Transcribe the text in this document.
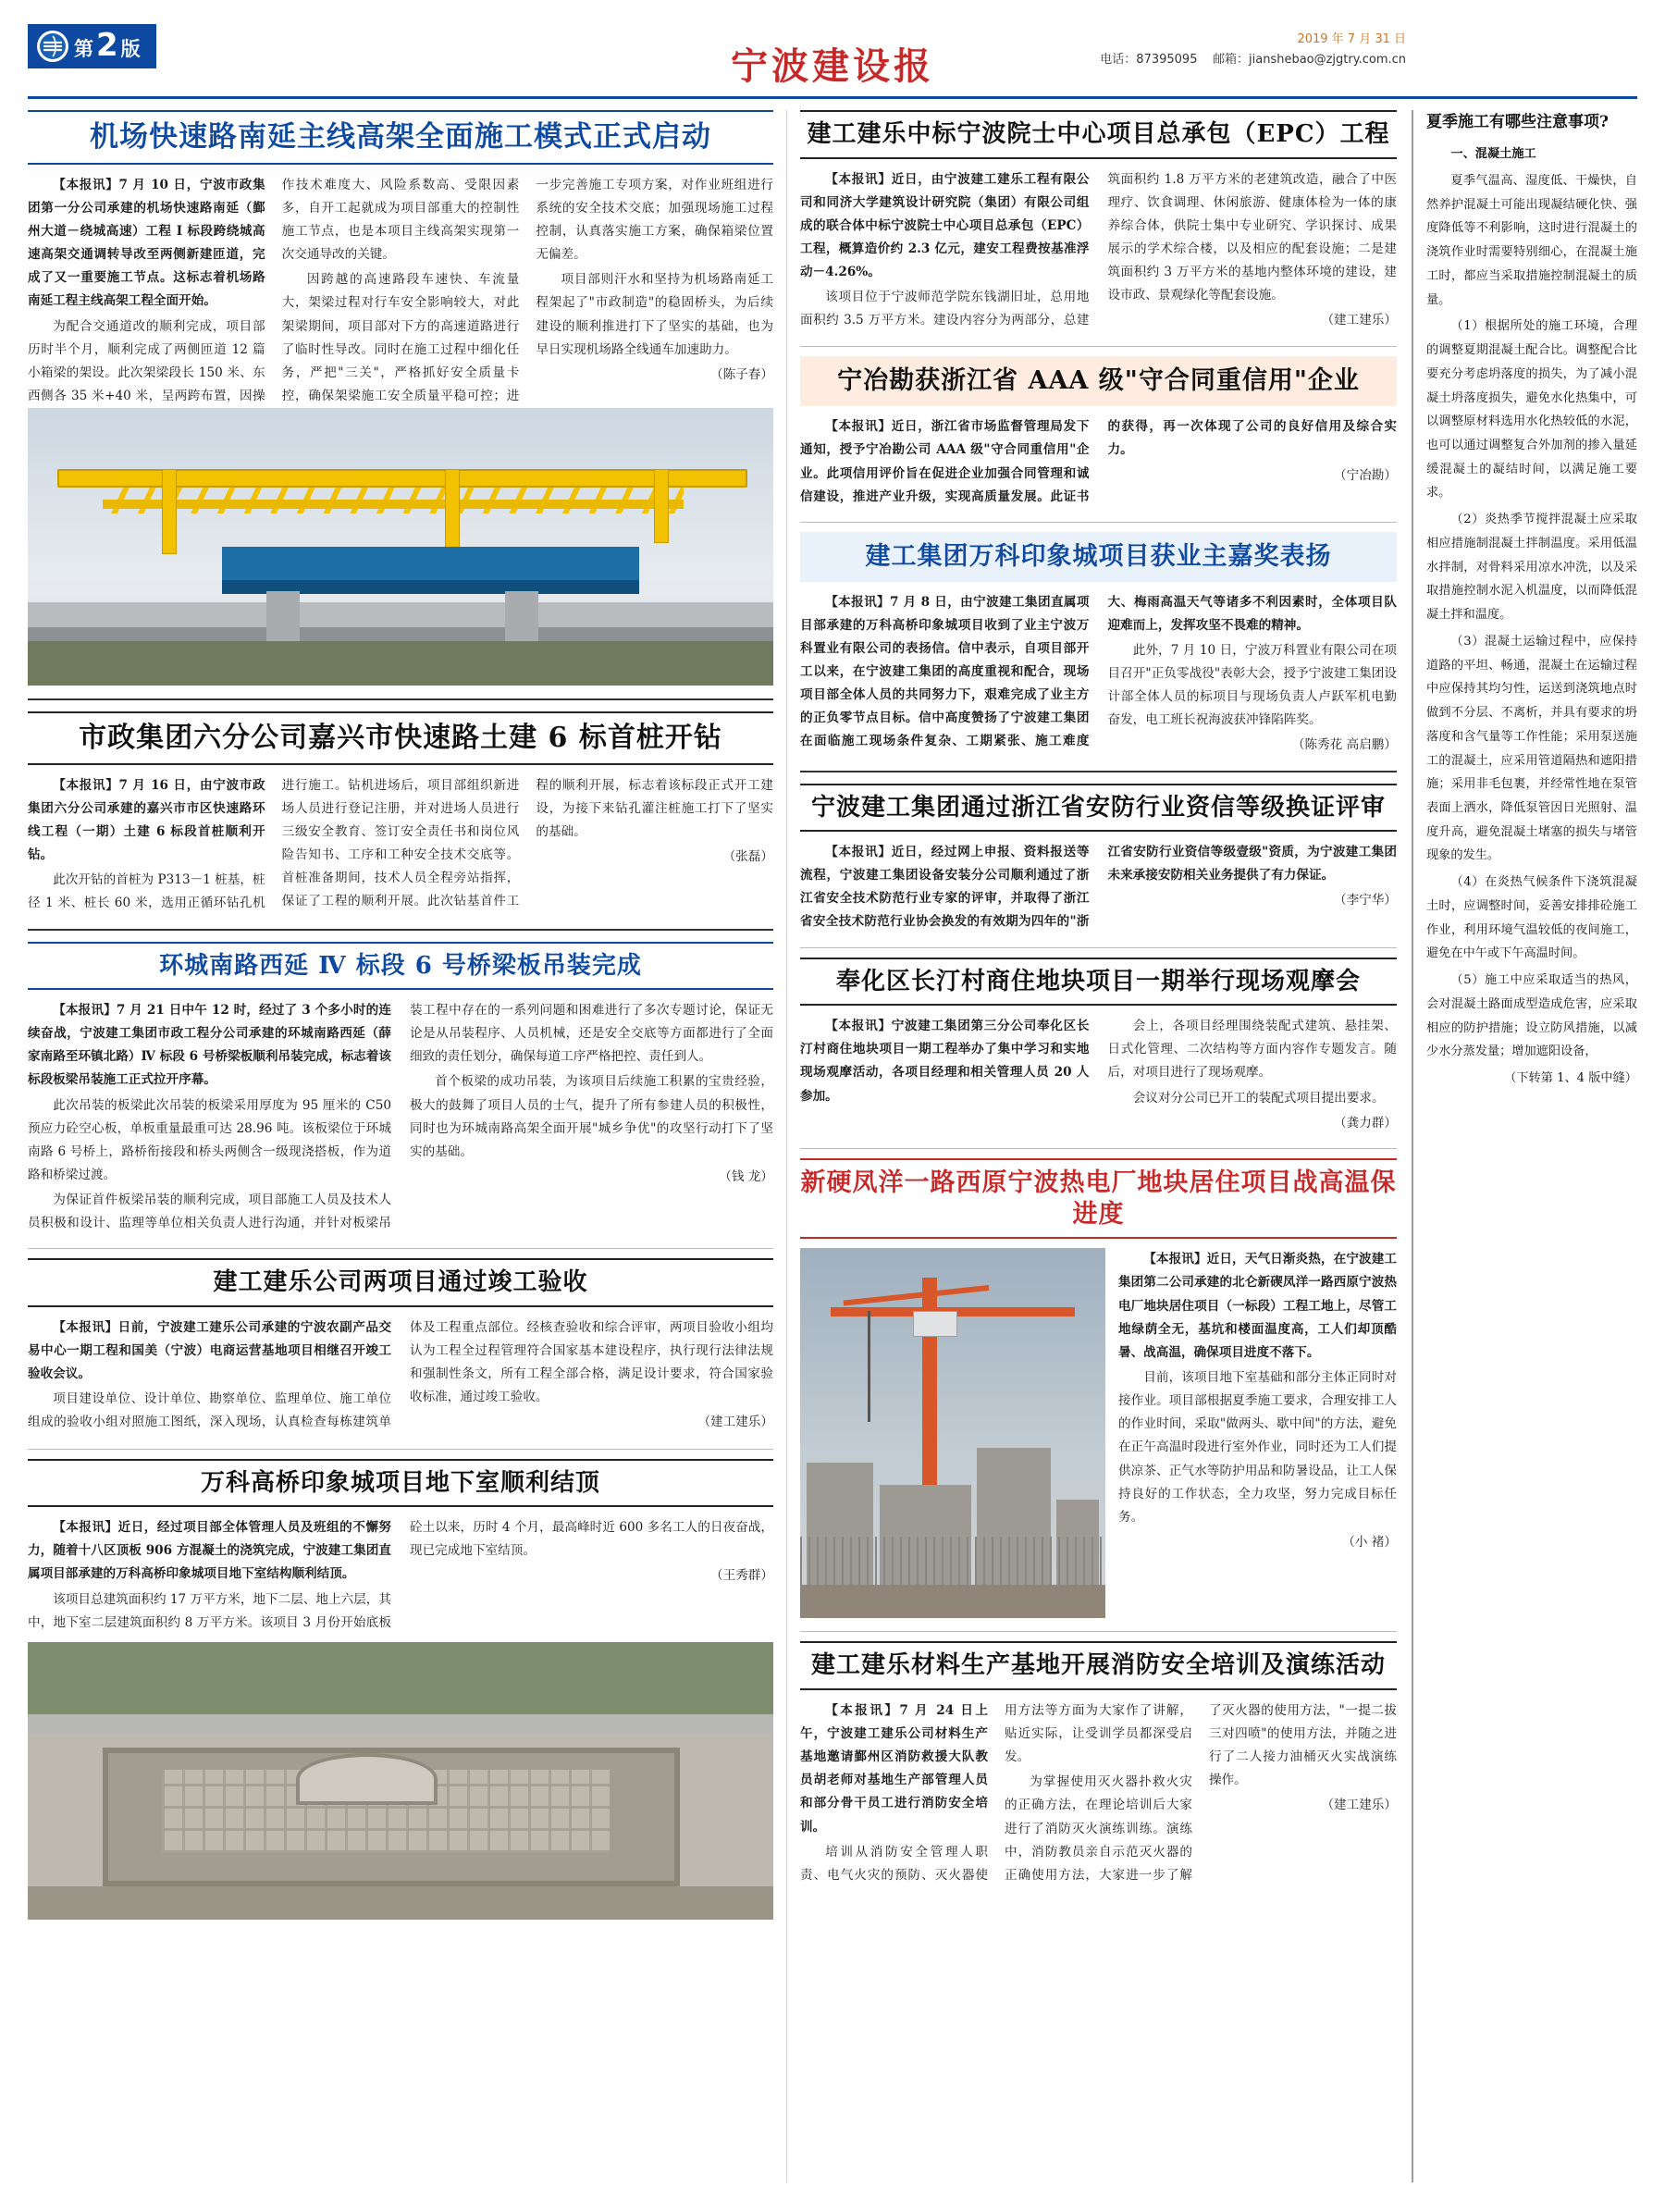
第 2 版	宁波建设报
2019 年 7 月 31 日
电话：87395095 邮箱：jianshebao@zjgtry.com.cn
机场快速路南延主线高架全面施工模式正式启动

【本报讯】7 月 10 日，宁波市政集团第一分公司承建的机场快速路南延（鄞州大道－绕城高速）工程 I 标段跨绕城高速高架交通调转导改至两侧新建匝道，完成了又一重要施工节点。这标志着机场路南延工程主线高架工程全面开始。

为配合交通道改的顺利完成，项目部历时半个月，顺利完成了两侧匝道 12 篇小箱梁的架设。此次架梁段长 150 米、东西侧各 35 米+40 米，呈两跨布置，因操作技术难度大、风险系数高、受限因素多，自开工起就成为项目部重大的控制性施工节点，也是本项目主线高架实现第一次交通导改的关键。

因跨越的高速路段车速快、车流量大，架梁过程对行车安全影响较大，对此架梁期间，项目部对下方的高速道路进行了临时性导改。同时在施工过程中细化任务，严把"三关"，严格抓好安全质量卡控，确保架梁施工安全质量平稳可控；进一步完善施工专项方案，对作业班组进行系统的安全技术交底；加强现场施工过程控制，认真落实施工方案，确保箱梁位置无偏差。

项目部则汗水和坚持为机场路南延工程架起了"市政制造"的稳固桥头，为后续建设的顺利推进打下了坚实的基础，也为早日实现机场路全线通车加速助力。

（陈子春）

市政集团六分公司嘉兴市快速路土建 6 标首桩开钻

【本报讯】7 月 16 日，由宁波市政集团六分公司承建的嘉兴市市区快速路环线工程（一期）土建 6 标段首桩顺利开钻。

此次开钻的首桩为 P313－1 桩基，桩径 1 米、桩长 60 米，选用正循环钻孔机进行施工。钻机进场后，项目部组织新进场人员进行登记注册，并对进场人员进行三级安全教育、签订安全责任书和岗位风险告知书、工序和工种安全技术交底等。首桩准备期间，技术人员全程旁站指挥，保证了工程的顺利开展。此次钻基首件工程的顺利开展，标志着该标段正式开工建设，为接下来钻孔灌注桩施工打下了坚实的基础。

（张磊）

环城南路西延 Ⅳ 标段 6 号桥梁板吊装完成

【本报讯】7 月 21 日中午 12 时，经过了 3 个多小时的连续奋战，宁波建工集团市政工程分公司承建的环城南路西延（薛家南路至环镇北路）Ⅳ 标段 6 号桥梁板顺利吊装完成，标志着该标段板梁吊装施工正式拉开序幕。

此次吊装的板梁此次吊装的板梁采用厚度为 95 厘米的 C50 预应力砼空心板，单板重量最重可达 28.96 吨。该板梁位于环城南路 6 号桥上，路桥衔接段和桥头两侧含一级现浇搭板，作为道路和桥梁过渡。

为保证首件板梁吊装的顺利完成，项目部施工人员及技术人员积极和设计、监理等单位相关负责人进行沟通，并针对板梁吊装工程中存在的一系列问题和困难进行了多次专题讨论，保证无论是从吊装程序、人员机械，还是安全交底等方面都进行了全面细致的责任划分，确保每道工序严格把控、责任到人。

首个板梁的成功吊装，为该项目后续施工积累的宝贵经验，极大的鼓舞了项目人员的士气，提升了所有参建人员的积极性，同时也为环城南路高架全面开展"城乡争优"的攻坚行动打下了坚实的基础。

（钱 龙）

建工建乐公司两项目通过竣工验收

【本报讯】日前，宁波建工建乐公司承建的宁波农副产品交易中心一期工程和国美（宁波）电商运营基地项目相继召开竣工验收会议。

项目建设单位、设计单位、勘察单位、监理单位、施工单位组成的验收小组对照施工图纸，深入现场，认真检查每栋建筑单体及工程重点部位。经核查验收和综合评审，两项目验收小组均认为工程全过程管理符合国家基本建设程序，执行现行法律法规和强制性条文，所有工程全部合格，满足设计要求，符合国家验收标准，通过竣工验收。

（建工建乐）

万科高桥印象城项目地下室顺利结顶

【本报讯】近日，经过项目部全体管理人员及班组的不懈努力，随着十八区顶板 906 方混凝土的浇筑完成，宁波建工集团直属项目部承建的万科高桥印象城项目地下室结构顺利结顶。

该项目总建筑面积约 17 万平方米，地下二层、地上六层，其中，地下室二层建筑面积约 8 万平方米。该项目 3 月份开始底板砼土以来，历时 4 个月，最高峰时近 600 多名工人的日夜奋战，现已完成地下室结顶。

（王秀群）

建工建乐中标宁波院士中心项目总承包（EPC）工程

【本报讯】近日，由宁波建工建乐工程有限公司和同济大学建筑设计研究院（集团）有限公司组成的联合体中标宁波院士中心项目总承包（EPC）工程，概算造价约 2.3 亿元，建安工程费按基准浮动－4.26%。

该项目位于宁波师范学院东钱湖旧址，总用地面积约 3.5 万平方米。建设内容分为两部分，总建筑面积约 1.8 万平方米的老建筑改造，融合了中医理疗、饮食调理、休闲旅游、健康体检为一体的康养综合体，供院士集中专业研究、学识探讨、成果展示的学术综合楼，以及相应的配套设施；二是建筑面积约 3 万平方米的基地内整体环境的建设，建设市政、景观绿化等配套设施。

（建工建乐）

宁冶勘获浙江省 AAA 级"守合同重信用"企业

【本报讯】近日，浙江省市场监督管理局发下通知，授予宁冶勘公司 AAA 级"守合同重信用"企业。此项信用评价旨在促进企业加强合同管理和诚信建设，推进产业升级，实现高质量发展。此证书的获得，再一次体现了公司的良好信用及综合实力。

（宁冶勘）

建工集团万科印象城项目获业主嘉奖表扬

【本报讯】7 月 8 日，由宁波建工集团直属项目部承建的万科高桥印象城项目收到了业主宁波万科置业有限公司的表扬信。信中表示，自项目部开工以来，在宁波建工集团的高度重视和配合，现场项目部全体人员的共同努力下，艰难完成了业主方的正负零节点目标。信中高度赞扬了宁波建工集团在面临施工现场条件复杂、工期紧张、施工难度大、梅雨高温天气等诸多不利因素时，全体项目队迎难而上，发挥攻坚不畏难的精神。

此外，7 月 10 日，宁波万科置业有限公司在项目召开"正负零战役"表彰大会，授予宁波建工集团设计部全体人员的标项目与现场负责人卢跃军机电勤奋发，电工班长祝海波获冲锋陷阵奖。

（陈秀花 高启鹏）

宁波建工集团通过浙江省安防行业资信等级换证评审

【本报讯】近日，经过网上申报、资料报送等流程，宁波建工集团设备安装分公司顺利通过了浙江省安全技术防范行业专家的评审，并取得了浙江省安全技术防范行业协会换发的有效期为四年的"浙江省安防行业资信等级壹级"资质，为宁波建工集团未来承接安防相关业务提供了有力保证。

（李宁华）

奉化区长汀村商住地块项目一期举行现场观摩会

【本报讯】宁波建工集团第三分公司奉化区长汀村商住地块项目一期工程举办了集中学习和实地现场观摩活动，各项目经理和相关管理人员 20 人参加。

会上，各项目经理围绕装配式建筑、悬挂架、日式化管理、二次结构等方面内容作专题发言。随后，对项目进行了现场观摩。

会议对分公司已开工的装配式项目提出要求。

（龚力群）

新硬凤洋一路西原宁波热电厂地块居住项目战高温保进度

【本报讯】近日，天气日渐炎热，在宁波建工集团第二公司承建的北仑新碶凤洋一路西原宁波热电厂地块居住项目（一标段）工程工地上，尽管工地绿荫全无，基坑和楼面温度高，工人们却顶酷暑、战高温，确保项目进度不落下。

目前，该项目地下室基础和部分主体正同时对接作业。项目部根据夏季施工要求，合理安排工人的作业时间，采取"做两头、歇中间"的方法，避免在正午高温时段进行室外作业，同时还为工人们提供凉茶、正气水等防护用品和防暑设品，让工人保持良好的工作状态，全力攻坚，努力完成目标任务。

（小 褚）

建工建乐材料生产基地开展消防安全培训及演练活动

【本报讯】7 月 24 日上午，宁波建工建乐公司材料生产基地邀请鄞州区消防救援大队教员胡老师对基地生产部管理人员和部分骨干员工进行消防安全培训。

培训从消防安全管理人职责、电气火灾的预防、灭火器使用方法等方面为大家作了讲解，贴近实际，让受训学员都深受启发。

为掌握使用灭火器扑救火灾的正确方法，在理论培训后大家进行了消防灭火演练训练。演练中，消防教员亲自示范灭火器的正确使用方法，大家进一步了解了灭火器的使用方法，"一提二拔三对四喷"的使用方法，并随之进行了二人接力油桶灭火实战演练操作。

（建工建乐）

夏季施工有哪些注意事项?

一、混凝土施工

夏季气温高、湿度低、干燥快，自然养护混凝土可能出现凝结硬化快、强度降低等不利影响，这时进行混凝土的浇筑作业时需要特别细心，在混凝土施工时，都应当采取措施控制混凝土的质量。

（1）根据所处的施工环境，合理的调整夏期混凝土配合比。调整配合比要充分考虑坍落度的损失，为了减小混凝土坍落度损失，避免水化热集中，可以调整原材料选用水化热较低的水泥，也可以通过调整复合外加剂的掺入量延缓混凝土的凝结时间，以满足施工要求。

（2）炎热季节搅拌混凝土应采取相应措施制混凝土拌制温度。采用低温水拌制，对骨料采用凉水冲洗，以及采取措施控制水泥入机温度，以而降低混凝土拌和温度。

（3）混凝土运输过程中，应保持道路的平坦、畅通，混凝土在运输过程中应保持其均匀性，运送到浇筑地点时做到不分层、不离析，并具有要求的坍落度和含气量等工作性能；采用泵送施工的混凝土，应采用管道隔热和遮阳措施；采用非毛包裹，并经常性地在泵管表面上洒水，降低泵管因日光照射、温度升高，避免混凝土堵塞的损失与堵管现象的发生。

（4）在炎热气候条件下浇筑混凝土时，应调整时间，妥善安排排砼施工作业，利用环境气温较低的夜间施工，避免在中午或下午高温时间。

（5）施工中应采取适当的热风，会对混凝土路面成型造成危害，应采取相应的防护措施；设立防风措施，以减少水分蒸发量；增加遮阳设备，

（下转第 1、4 版中缝）
